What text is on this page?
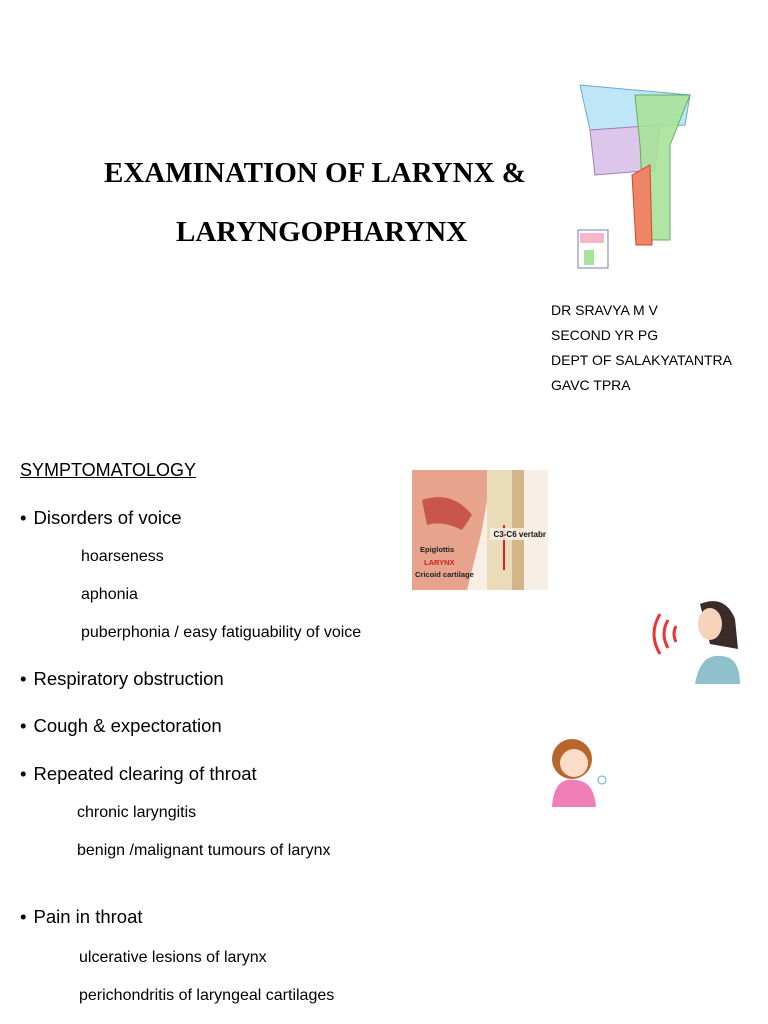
EXAMINATION OF LARYNX &
LARYNGOPHARYNX
DR SRAVYA M V
SECOND YR PG
DEPT OF SALAKYATANTRA
GAVC TPRA
SYMPTOMATOLOGY
Epiglottis
LARYNX
Cricoid cartilage
C3-C6 vertabr
• Disorders of voice
hoarseness
aphonia
puberphonia / easy fatiguability of voice
• Respiratory obstruction
• Cough & expectoration
• Repeated clearing of throat
chronic laryngitis
benign /malignant tumours of larynx
• Pain in throat
ulcerative lesions of larynx
perichondritis of laryngeal cartilages
